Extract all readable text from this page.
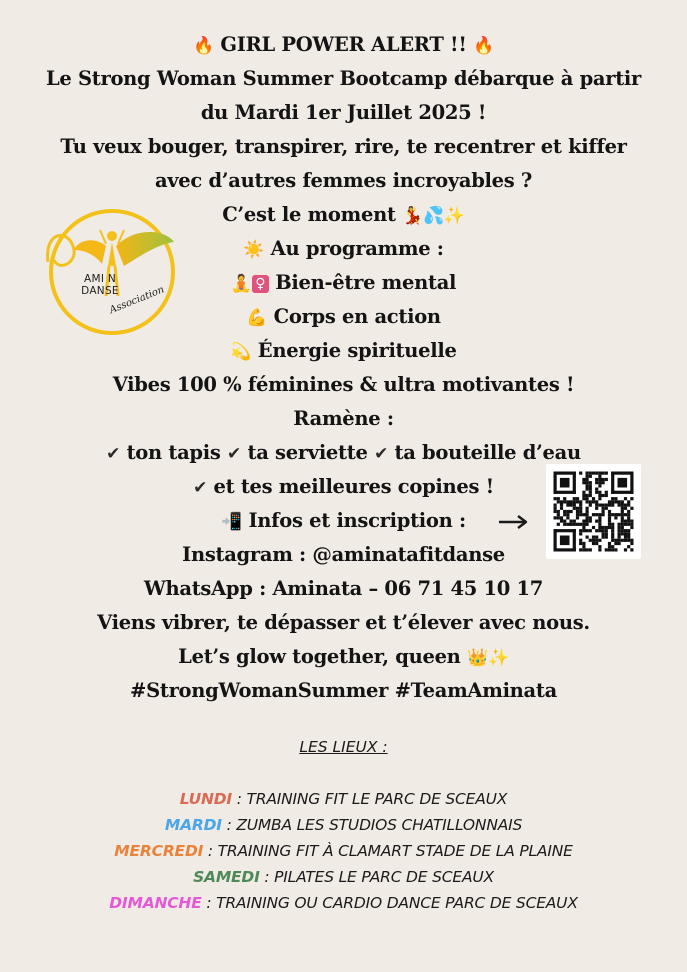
🔥 GIRL POWER ALERT !! 🔥
Le Strong Woman Summer Bootcamp débarque à partir
du Mardi 1er Juillet 2025 !
Tu veux bouger, transpirer, rire, te recentrer et kiffer
avec d’autres femmes incroyables ?
C’est le moment 💃💦✨
☀️ Au programme :
🧘 ♀ Bien-être mental
💪 Corps en action
💫 Énergie spirituelle
Vibes 100 % féminines & ultra motivantes !
Ramène :
✔ ton tapis ✔ ta serviette ✔ ta bouteille d’eau
✔ et tes meilleures copines !
📲 Infos et inscription :
Instagram : @aminatafitdanse
WhatsApp : Aminata – 06 71 45 10 17
Viens vibrer, te dépasser et t’élever avec nous.
Let’s glow together, queen 👑✨
#StrongWomanSummer #TeamAminata
AMI N
DANSE
Association
LES LIEUX :
LUNDI : TRAINING FIT LE PARC DE SCEAUX
MARDI : ZUMBA LES STUDIOS CHATILLONNAIS
MERCREDI : TRAINING FIT À CLAMART STADE DE LA PLAINE
SAMEDI : PILATES LE PARC DE SCEAUX
DIMANCHE : TRAINING OU CARDIO DANCE PARC DE SCEAUX
